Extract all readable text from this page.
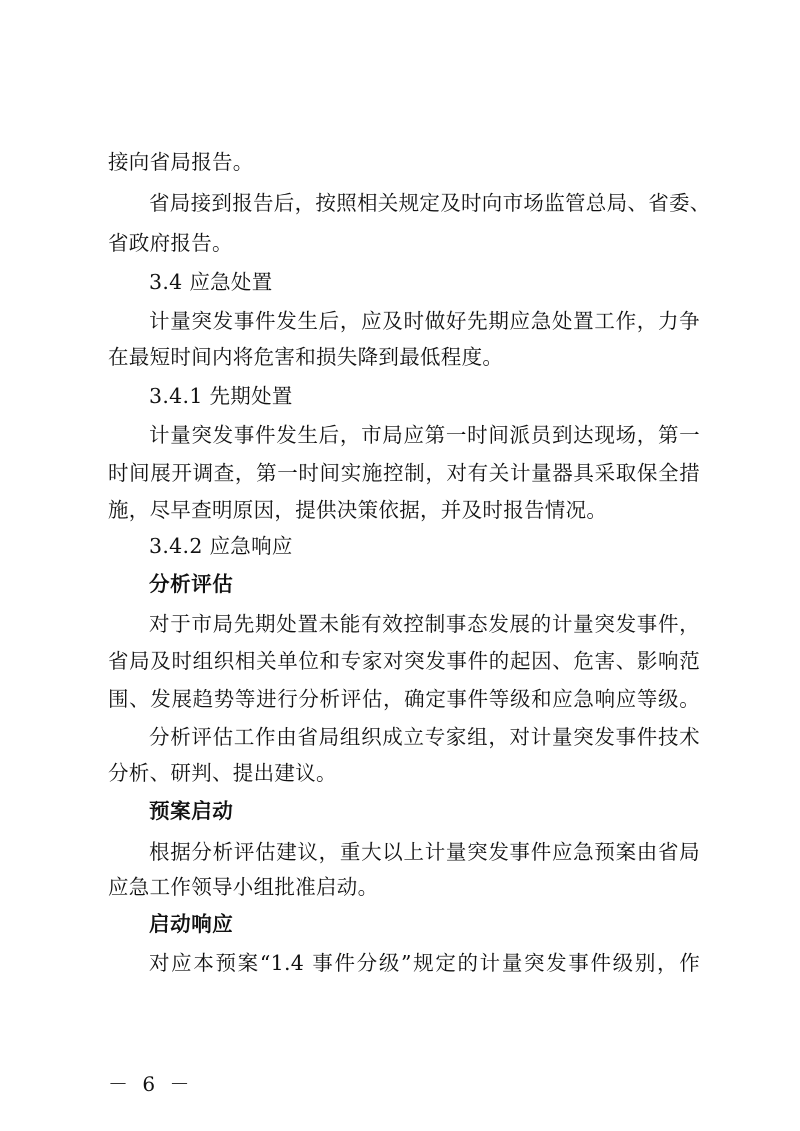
接向省局报告。
省局接到报告后，按照相关规定及时向市场监管总局、省委、
省政府报告。
3.4 应急处置
计量突发事件发生后，应及时做好先期应急处置工作，力争
在最短时间内将危害和损失降到最低程度。
3.4.1 先期处置
计量突发事件发生后，市局应第一时间派员到达现场，第一
时间展开调查，第一时间实施控制，对有关计量器具采取保全措
施，尽早查明原因，提供决策依据，并及时报告情况。
3.4.2 应急响应
分析评估
对于市局先期处置未能有效控制事态发展的计量突发事件，
省局及时组织相关单位和专家对突发事件的起因、危害、影响范
围、发展趋势等进行分析评估，确定事件等级和应急响应等级。
分析评估工作由省局组织成立专家组，对计量突发事件技术
分析、研判、提出建议。
预案启动
根据分析评估建议，重大以上计量突发事件应急预案由省局
应急工作领导小组批准启动。
启动响应
对应本预案“1.4 事件分级”规定的计量突发事件级别，作
－ 6 －
